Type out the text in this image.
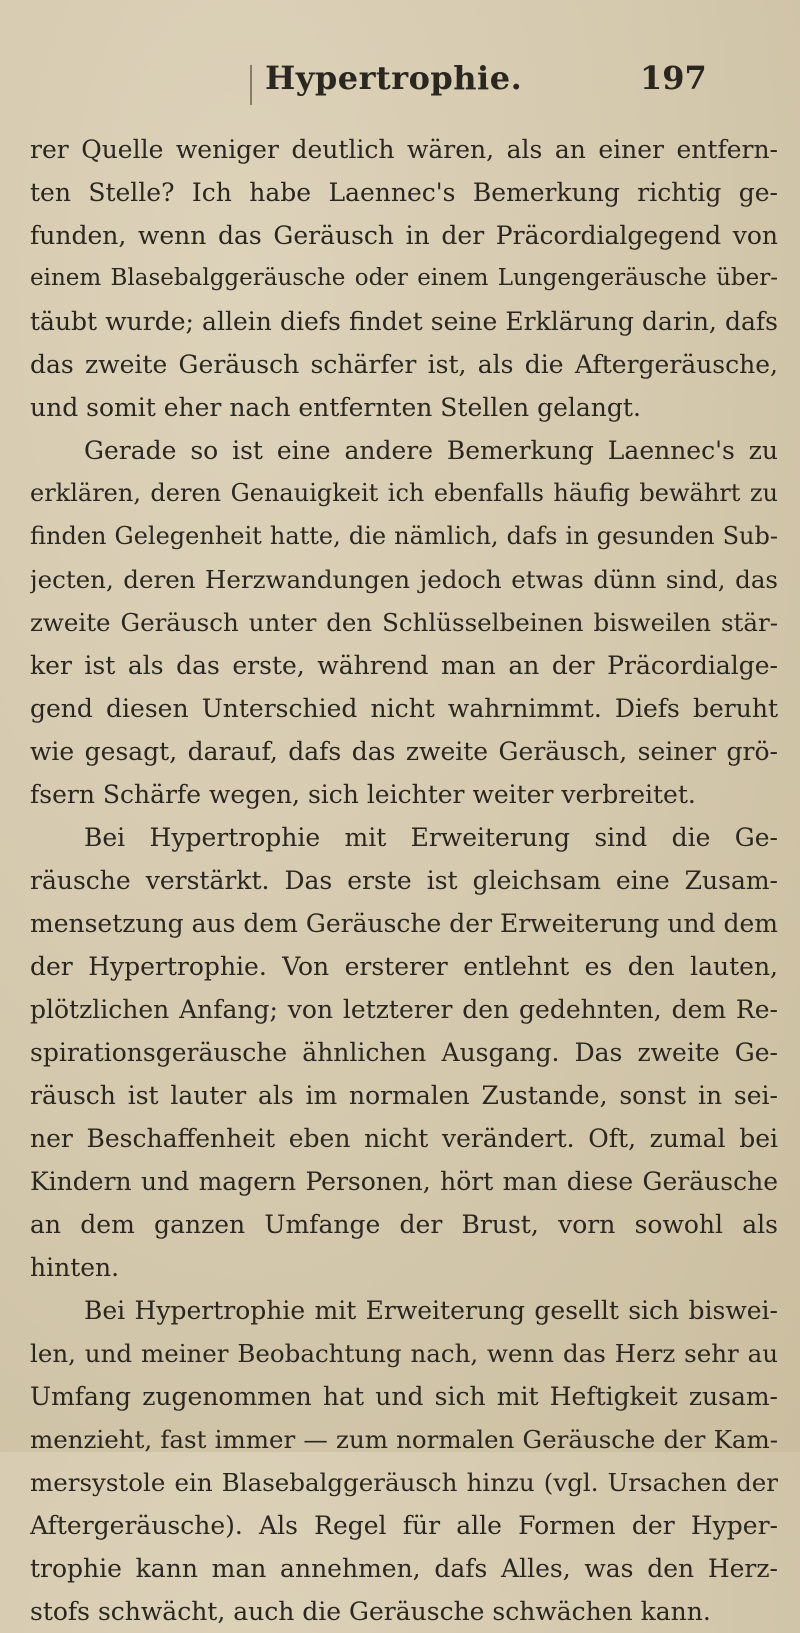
Hypertrophie.	197
rer Quelle weniger deutlich wären, als an einer entfern-
ten Stelle? Ich habe Laennec's Bemerkung richtig ge-
funden, wenn das Geräusch in der Präcordialgegend von
einem Blasebalggeräusche oder einem Lungengeräusche über-
täubt wurde; allein diefs findet seine Erklärung darin, dafs
das zweite Geräusch schärfer ist, als die Aftergeräusche,
und somit eher nach entfernten Stellen gelangt.
Gerade so ist eine andere Bemerkung Laennec's zu
erklären, deren Genauigkeit ich ebenfalls häufig bewährt zu
finden Gelegenheit hatte, die nämlich, dafs in gesunden Sub-
jecten, deren Herzwandungen jedoch etwas dünn sind, das
zweite Geräusch unter den Schlüsselbeinen bisweilen stär-
ker ist als das erste, während man an der Präcordialge-
gend diesen Unterschied nicht wahrnimmt. Diefs beruht
wie gesagt, darauf, dafs das zweite Geräusch, seiner grö-
fsern Schärfe wegen, sich leichter weiter verbreitet.
Bei Hypertrophie mit Erweiterung sind die Ge-
räusche verstärkt. Das erste ist gleichsam eine Zusam-
mensetzung aus dem Geräusche der Erweiterung und dem
der Hypertrophie. Von ersterer entlehnt es den lauten,
plötzlichen Anfang; von letzterer den gedehnten, dem Re-
spirationsgeräusche ähnlichen Ausgang. Das zweite Ge-
räusch ist lauter als im normalen Zustande, sonst in sei-
ner Beschaffenheit eben nicht verändert. Oft, zumal bei
Kindern und magern Personen, hört man diese Geräusche
an dem ganzen Umfange der Brust, vorn sowohl als
hinten.
Bei Hypertrophie mit Erweiterung gesellt sich biswei-
len, und meiner Beobachtung nach, wenn das Herz sehr au
Umfang zugenommen hat und sich mit Heftigkeit zusam-
menzieht, fast immer — zum normalen Geräusche der Kam-
mersystole ein Blasebalggeräusch hinzu (vgl. Ursachen der
Aftergeräusche). Als Regel für alle Formen der Hyper-
trophie kann man annehmen, dafs Alles, was den Herz-
stofs schwächt, auch die Geräusche schwächen kann.
